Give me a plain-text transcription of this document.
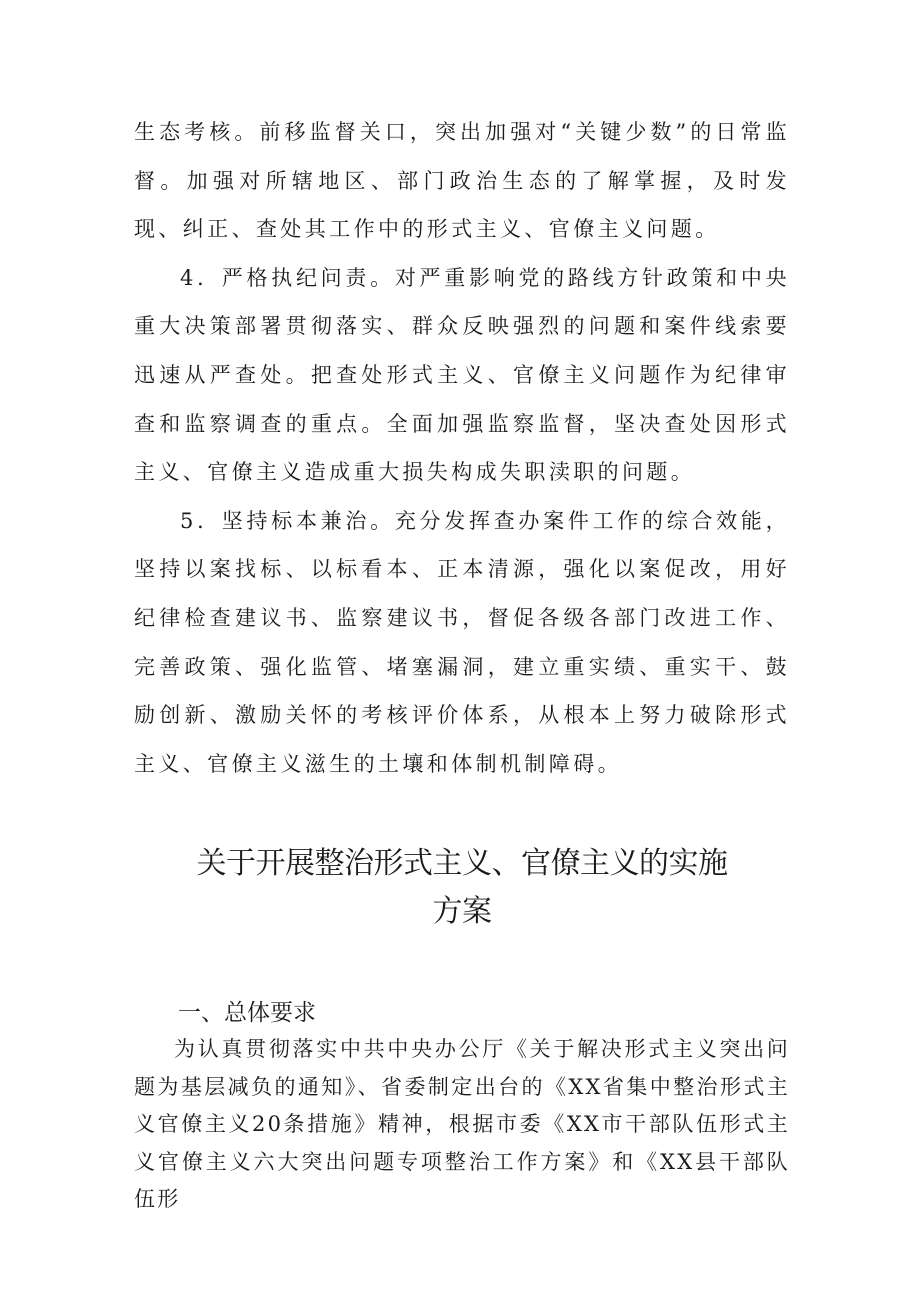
生态考核。前移监督关口，突出加强对“关键少数”的日常监督。加强对所辖地区、部门政治生态的了解掌握，及时发现、纠正、查处其工作中的形式主义、官僚主义问题。

4．严格执纪问责。对严重影响党的路线方针政策和中央重大决策部署贯彻落实、群众反映强烈的问题和案件线索要迅速从严查处。把查处形式主义、官僚主义问题作为纪律审查和监察调查的重点。全面加强监察监督，坚决查处因形式主义、官僚主义造成重大损失构成失职渎职的问题。

5．坚持标本兼治。充分发挥查办案件工作的综合效能，坚持以案找标、以标看本、正本清源，强化以案促改，用好纪律检查建议书、监察建议书，督促各级各部门改进工作、完善政策、强化监管、堵塞漏洞，建立重实绩、重实干、鼓励创新、激励关怀的考核评价体系，从根本上努力破除形式主义、官僚主义滋生的土壤和体制机制障碍。

关于开展整治形式主义、官僚主义的实施
方案
一、总体要求

为认真贯彻落实中共中央办公厅《关于解决形式主义突出问题为基层减负的通知》、省委制定出台的《XX省集中整治形式主义官僚主义20条措施》精神，根据市委《XX市干部队伍形式主义官僚主义六大突出问题专项整治工作方案》和《XX县干部队伍形
